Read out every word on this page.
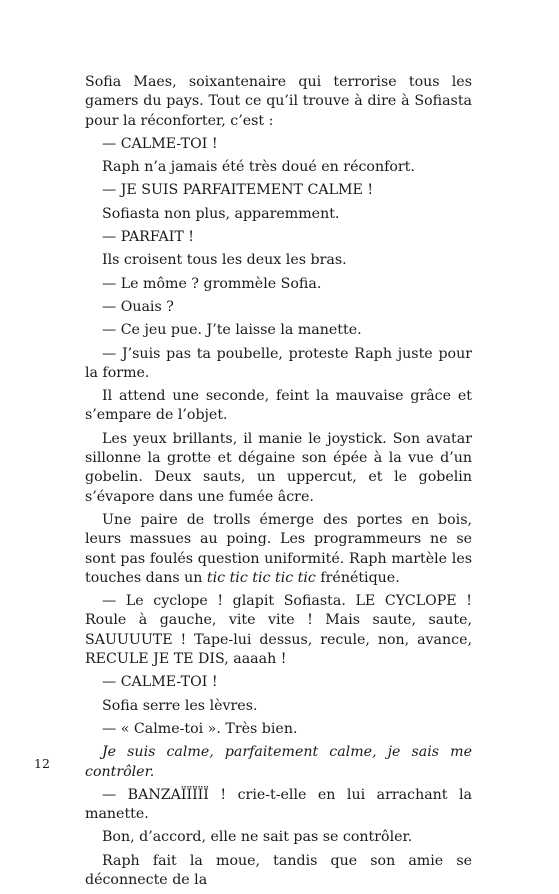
Sofia Maes, soixantenaire qui terrorise tous les gamers du pays. Tout ce qu’il trouve à dire à Sofiasta pour la réconforter, c’est :

— CALME-TOI !

Raph n’a jamais été très doué en réconfort.

— JE SUIS PARFAITEMENT CALME !

Sofiasta non plus, apparemment.

— PARFAIT !

Ils croisent tous les deux les bras.

— Le môme ? grommèle Sofia.

— Ouais ?

— Ce jeu pue. J’te laisse la manette.

— J’suis pas ta poubelle, proteste Raph juste pour la forme.

Il attend une seconde, feint la mauvaise grâce et s’empare de l’objet.

Les yeux brillants, il manie le joystick. Son avatar sillonne la grotte et dégaine son épée à la vue d’un gobelin. Deux sauts, un uppercut, et le gobelin s’évapore dans une fumée âcre.

Une paire de trolls émerge des portes en bois, leurs massues au poing. Les programmeurs ne se sont pas foulés question uniformité. Raph martèle les touches dans un tic tic tic tic tic frénétique.

— Le cyclope ! glapit Sofiasta. LE CYCLOPE ! Roule à gauche, vite vite ! Mais saute, saute, SAUUUUTE ! Tape-lui dessus, recule, non, avance, RECULE JE TE DIS, aaaah !

— CALME-TOI !

Sofia serre les lèvres.

— « Calme-toi ». Très bien.

Je suis calme, parfaitement calme, je sais me contrôler.

— BANZAÏÏÏÏÏ ! crie-t-elle en lui arrachant la manette.

Bon, d’accord, elle ne sait pas se contrôler.

Raph fait la moue, tandis que son amie se déconnecte de la

12
